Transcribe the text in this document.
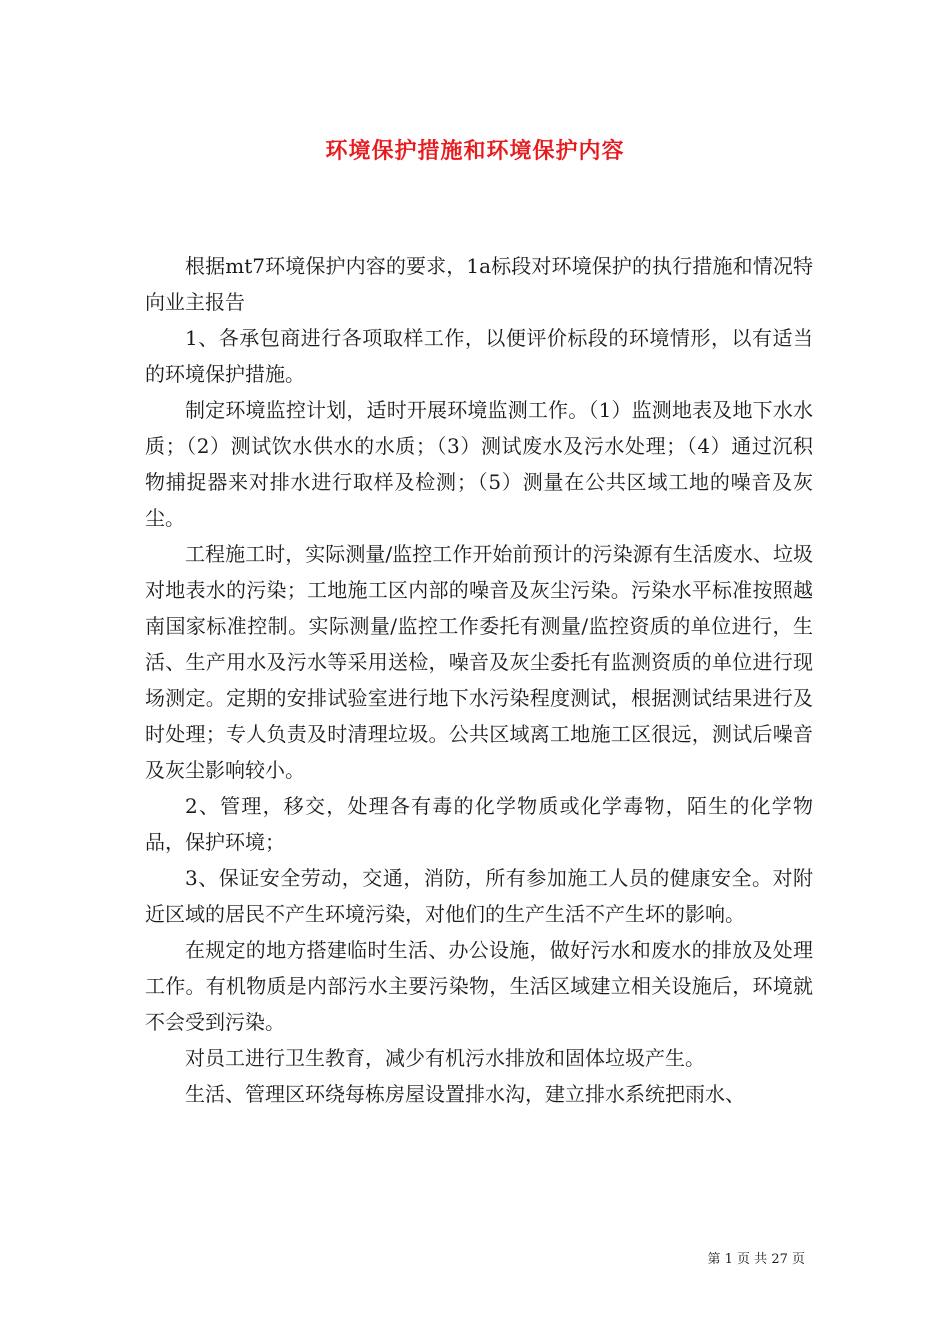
环境保护措施和环境保护内容

根据mt7环境保护内容的要求，1a标段对环境保护的执行措施和情况特向业主报告

1、各承包商进行各项取样工作，以便评价标段的环境情形，以有适当的环境保护措施。

制定环境监控计划，适时开展环境监测工作。（1）监测地表及地下水水质；（2）测试饮水供水的水质；（3）测试废水及污水处理；（4）通过沉积物捕捉器来对排水进行取样及检测；（5）测量在公共区域工地的噪音及灰尘。

工程施工时，实际测量/监控工作开始前预计的污染源有生活废水、垃圾对地表水的污染；工地施工区内部的噪音及灰尘污染。污染水平标准按照越南国家标准控制。实际测量/监控工作委托有测量/监控资质的单位进行，生活、生产用水及污水等采用送检，噪音及灰尘委托有监测资质的单位进行现场测定。定期的安排试验室进行地下水污染程度测试，根据测试结果进行及时处理；专人负责及时清理垃圾。公共区域离工地施工区很远，测试后噪音及灰尘影响较小。

2、管理，移交，处理各有毒的化学物质或化学毒物，陌生的化学物品，保护环境；

3、保证安全劳动，交通，消防，所有参加施工人员的健康安全。对附近区域的居民不产生环境污染，对他们的生产生活不产生坏的影响。

在规定的地方搭建临时生活、办公设施，做好污水和废水的排放及处理工作。有机物质是内部污水主要污染物，生活区域建立相关设施后，环境就不会受到污染。

对员工进行卫生教育，减少有机污水排放和固体垃圾产生。

生活、管理区环绕每栋房屋设置排水沟，建立排水系统把雨水、

第 1 页 共 27 页
